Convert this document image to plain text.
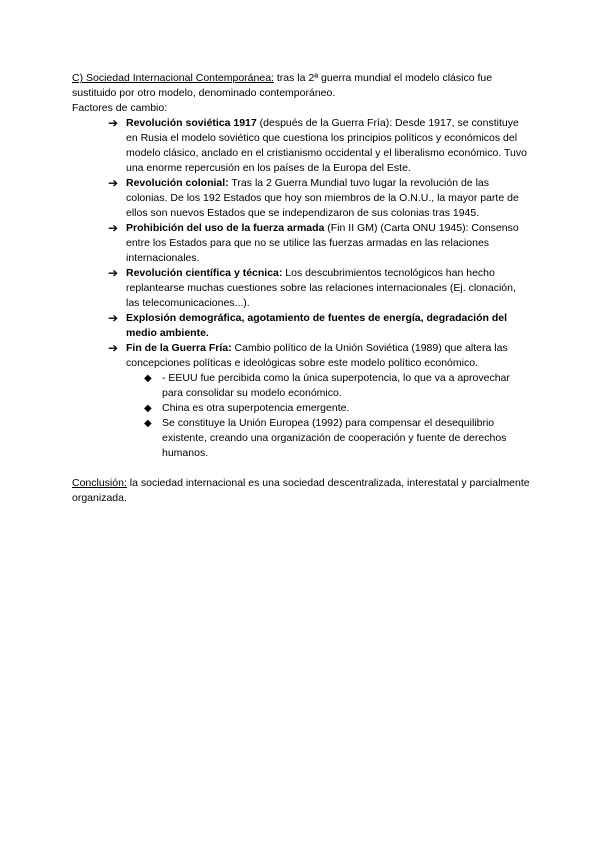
C) Sociedad Internacional Contemporánea: tras la 2ª guerra mundial el modelo clásico fue sustituido por otro modelo, denominado contemporáneo.

Factores de cambio:

➔ Revolución soviética 1917 (después de la Guerra Fría): Desde 1917, se constituye en Rusia el modelo soviético que cuestiona los principios políticos y económicos del modelo clásico, anclado en el cristianismo occidental y el liberalismo económico. Tuvo una enorme repercusión en los países de la Europa del Este.
➔ Revolución colonial: Tras la 2 Guerra Mundial tuvo lugar la revolución de las colonias. De los 192 Estados que hoy son miembros de la O.N.U., la mayor parte de ellos son nuevos Estados que se independizaron de sus colonias tras 1945.
➔ Prohibición del uso de la fuerza armada (Fin II GM) (Carta ONU 1945): Consenso entre los Estados para que no se utilice las fuerzas armadas en las relaciones internacionales.
➔ Revolución científica y técnica: Los descubrimientos tecnológicos han hecho replantearse muchas cuestiones sobre las relaciones internacionales (Ej. clonación, las telecomunicaciones...).
➔ Explosión demográfica, agotamiento de fuentes de energía, degradación del medio ambiente.
➔ Fin de la Guerra Fría: Cambio político de la Unión Soviética (1989) que altera las concepciones políticas e ideológicas sobre este modelo político económico.
◆ - EEUU fue percibida como la única superpotencia, lo que va a aprovechar para consolidar su modelo económico.
◆ China es otra superpotencia emergente.
◆ Se constituye la Unión Europea (1992) para compensar el desequilibrio existente, creando una organización de cooperación y fuente de derechos humanos.

Conclusión: la sociedad internacional es una sociedad descentralizada, interestatal y parcialmente organizada.
